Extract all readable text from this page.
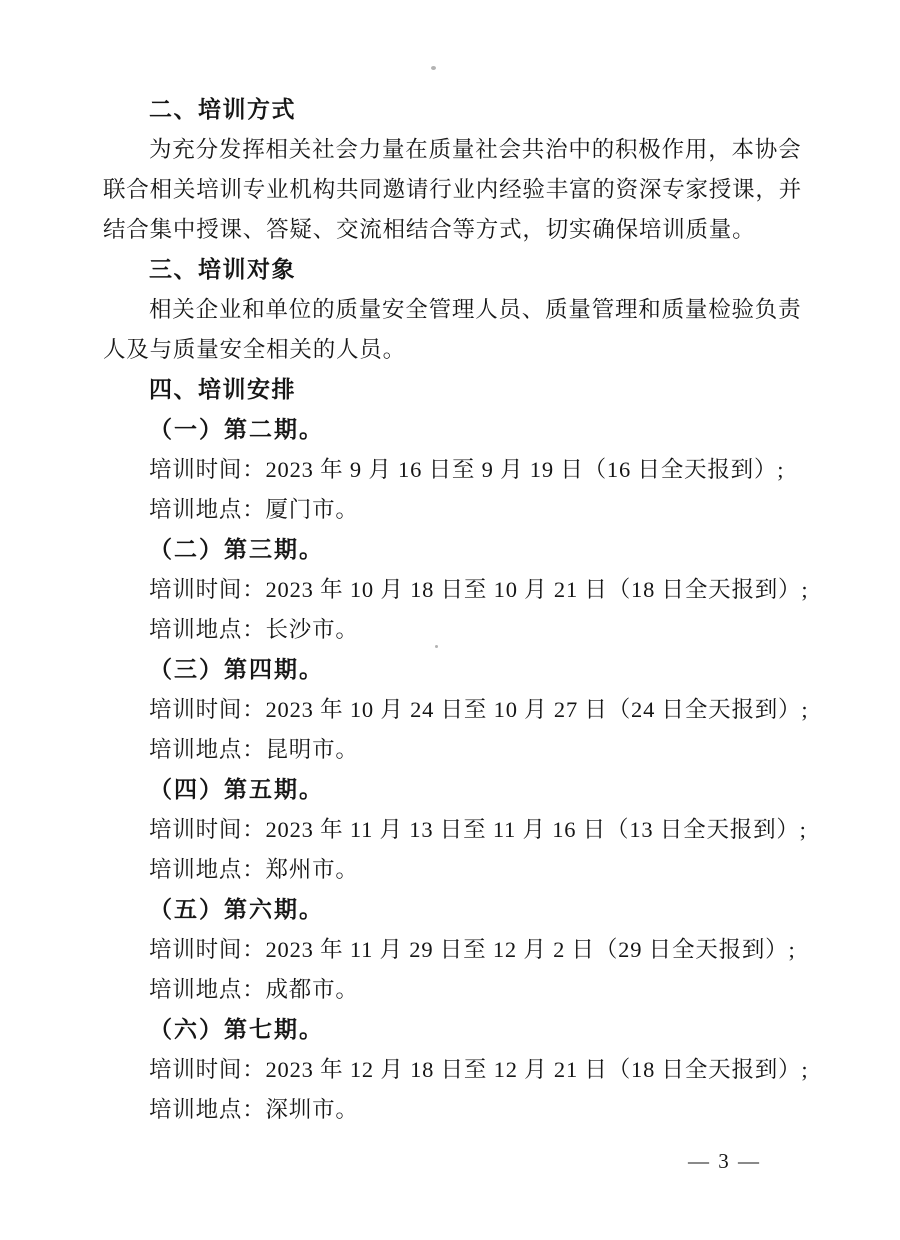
二、培训方式
为充分发挥相关社会力量在质量社会共治中的积极作用，本协会
联合相关培训专业机构共同邀请行业内经验丰富的资深专家授课，并
结合集中授课、答疑、交流相结合等方式，切实确保培训质量。
三、培训对象
相关企业和单位的质量安全管理人员、质量管理和质量检验负责
人及与质量安全相关的人员。
四、培训安排
（一）第二期。
培训时间：2023 年 9 月 16 日至 9 月 19 日（16 日全天报到）;
培训地点：厦门市。
（二）第三期。
培训时间：2023 年 10 月 18 日至 10 月 21 日（18 日全天报到）;
培训地点：长沙市。
（三）第四期。
培训时间：2023 年 10 月 24 日至 10 月 27 日（24 日全天报到）;
培训地点：昆明市。
（四）第五期。
培训时间：2023 年 11 月 13 日至 11 月 16 日（13 日全天报到）;
培训地点：郑州市。
（五）第六期。
培训时间：2023 年 11 月 29 日至 12 月 2 日（29 日全天报到）;
培训地点：成都市。
（六）第七期。
培训时间：2023 年 12 月 18 日至 12 月 21 日（18 日全天报到）;
培训地点：深圳市。
— 3 —
